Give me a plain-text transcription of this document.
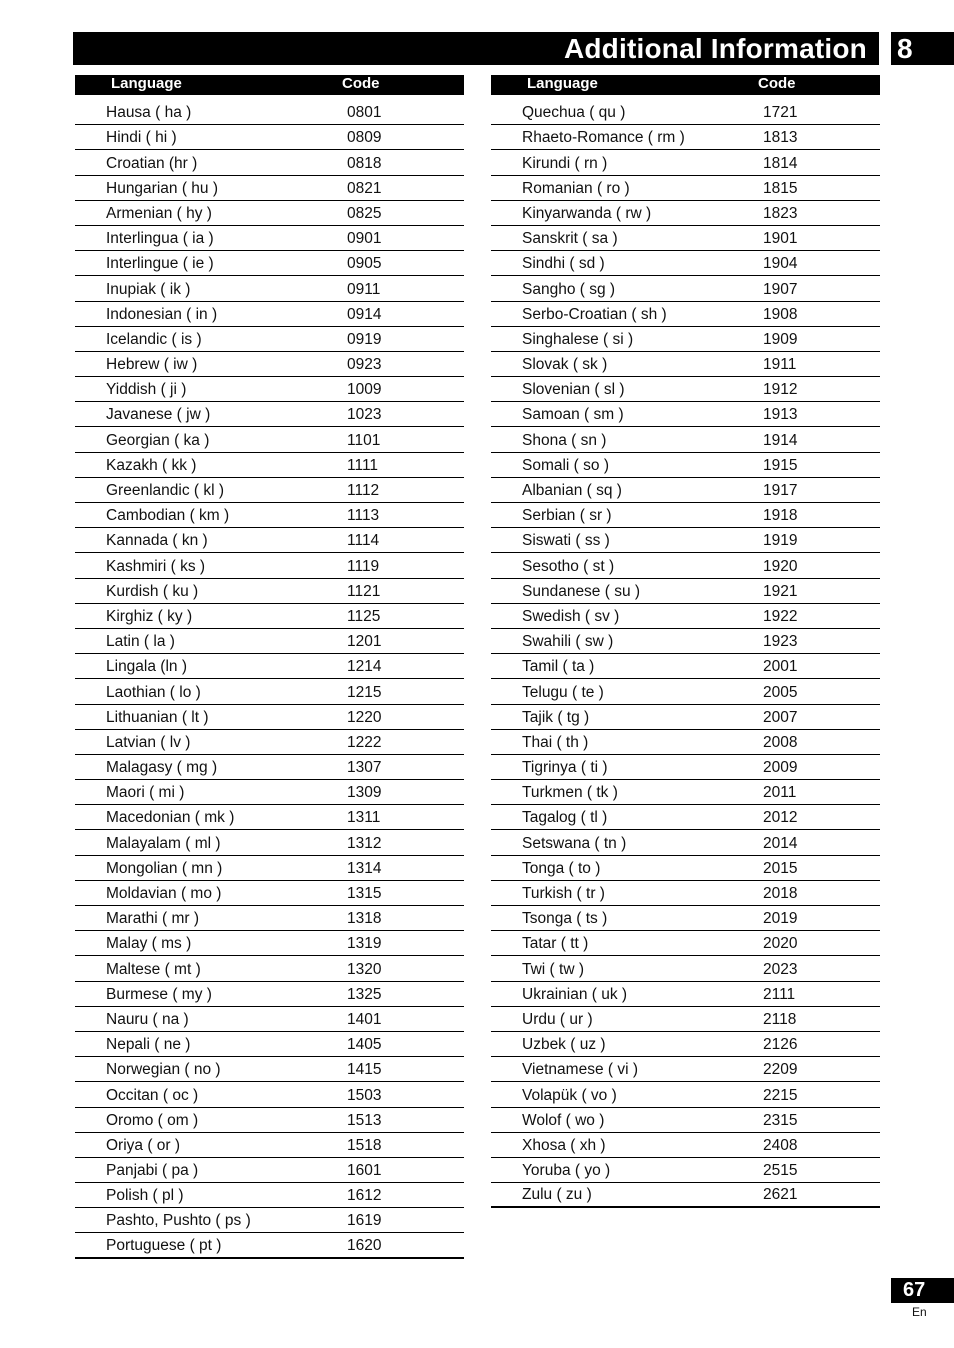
Additional Information 8
Language	Code
Hausa ( ha )	0801
Hindi ( hi )	0809
Croatian (hr )	0818
Hungarian ( hu )	0821
Armenian ( hy )	0825
Interlingua ( ia )	0901
Interlingue ( ie )	0905
Inupiak ( ik )	0911
Indonesian ( in )	0914
Icelandic ( is )	0919
Hebrew ( iw )	0923
Yiddish ( ji )	1009
Javanese ( jw )	1023
Georgian ( ka )	1101
Kazakh ( kk )	1111
Greenlandic ( kl )	1112
Cambodian ( km )	1113
Kannada ( kn )	1114
Kashmiri ( ks )	1119
Kurdish ( ku )	1121
Kirghiz ( ky )	1125
Latin ( la )	1201
Lingala (ln )	1214
Laothian ( lo )	1215
Lithuanian ( lt )	1220
Latvian ( lv )	1222
Malagasy ( mg )	1307
Maori ( mi )	1309
Macedonian ( mk )	1311
Malayalam ( ml )	1312
Mongolian ( mn )	1314
Moldavian ( mo )	1315
Marathi ( mr )	1318
Malay ( ms )	1319
Maltese ( mt )	1320
Burmese ( my )	1325
Nauru ( na )	1401
Nepali ( ne )	1405
Norwegian ( no )	1415
Occitan ( oc )	1503
Oromo ( om )	1513
Oriya ( or )	1518
Panjabi ( pa )	1601
Polish ( pl )	1612
Pashto, Pushto ( ps )	1619
Portuguese ( pt )	1620
Language	Code
Quechua ( qu )	1721
Rhaeto-Romance ( rm )	1813
Kirundi ( rn )	1814
Romanian ( ro )	1815
Kinyarwanda ( rw )	1823
Sanskrit ( sa )	1901
Sindhi ( sd )	1904
Sangho ( sg )	1907
Serbo-Croatian ( sh )	1908
Singhalese ( si )	1909
Slovak ( sk )	1911
Slovenian ( sl )	1912
Samoan ( sm )	1913
Shona ( sn )	1914
Somali ( so )	1915
Albanian ( sq )	1917
Serbian ( sr )	1918
Siswati ( ss )	1919
Sesotho ( st )	1920
Sundanese ( su )	1921
Swedish ( sv )	1922
Swahili ( sw )	1923
Tamil ( ta )	2001
Telugu ( te )	2005
Tajik ( tg )	2007
Thai ( th )	2008
Tigrinya ( ti )	2009
Turkmen ( tk )	2011
Tagalog ( tl )	2012
Setswana ( tn )	2014
Tonga ( to )	2015
Turkish ( tr )	2018
Tsonga ( ts )	2019
Tatar ( tt )	2020
Twi ( tw )	2023
Ukrainian ( uk )	2111
Urdu ( ur )	2118
Uzbek ( uz )	2126
Vietnamese ( vi )	2209
Volapük ( vo )	2215
Wolof ( wo )	2315
Xhosa ( xh )	2408
Yoruba ( yo )	2515
Zulu ( zu )	2621
67
En
